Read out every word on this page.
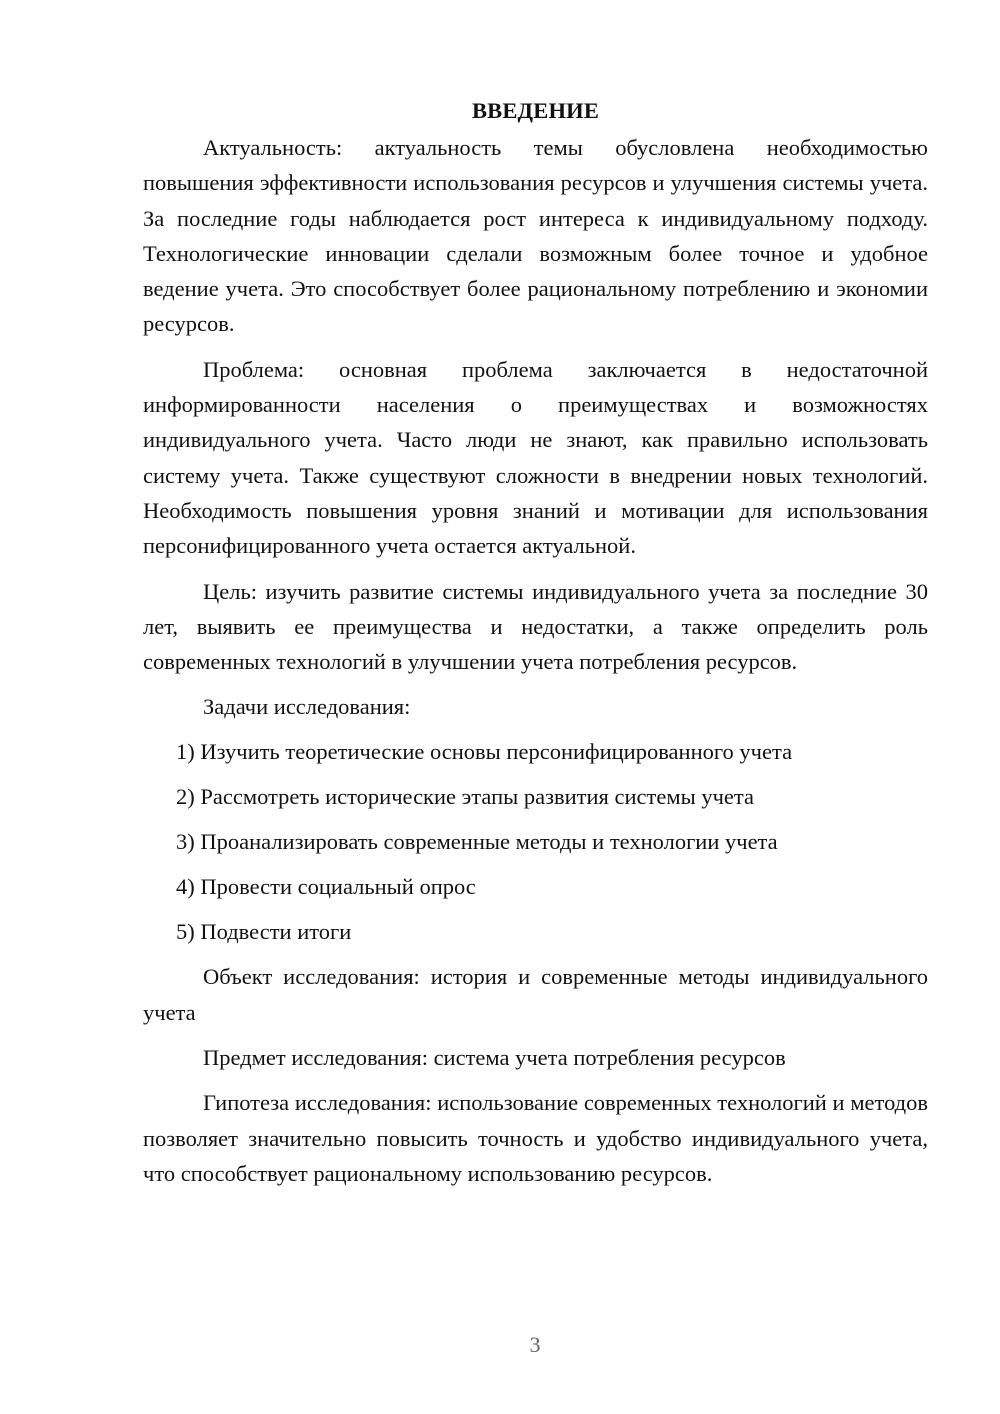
ВВЕДЕНИЕ

Актуальность: актуальность темы обусловлена необходимостью повышения эффективности использования ресурсов и улучшения системы учета. За последние годы наблюдается рост интереса к индивидуальному подходу. Технологические инновации сделали возможным более точное и удобное ведение учета. Это способствует более рациональному потреблению и экономии ресурсов.

Проблема: основная проблема заключается в недостаточной информированности населения о преимуществах и возможностях индивидуального учета. Часто люди не знают, как правильно использовать систему учета. Также существуют сложности в внедрении новых технологий. Необходимость повышения уровня знаний и мотивации для использования персонифицированного учета остается актуальной.

Цель: изучить развитие системы индивидуального учета за последние 30 лет, выявить ее преимущества и недостатки, а также определить роль современных технологий в улучшении учета потребления ресурсов.

Задачи исследования:

1) Изучить теоретические основы персонифицированного учета
2) Рассмотреть исторические этапы развития системы учета
3) Проанализировать современные методы и технологии учета
4) Провести социальный опрос
5) Подвести итоги

Объект исследования: история и современные методы индивидуального учета

Предмет исследования: система учета потребления ресурсов

Гипотеза исследования: использование современных технологий и методов позволяет значительно повысить точность и удобство индивидуального учета, что способствует рациональному использованию ресурсов.

3
